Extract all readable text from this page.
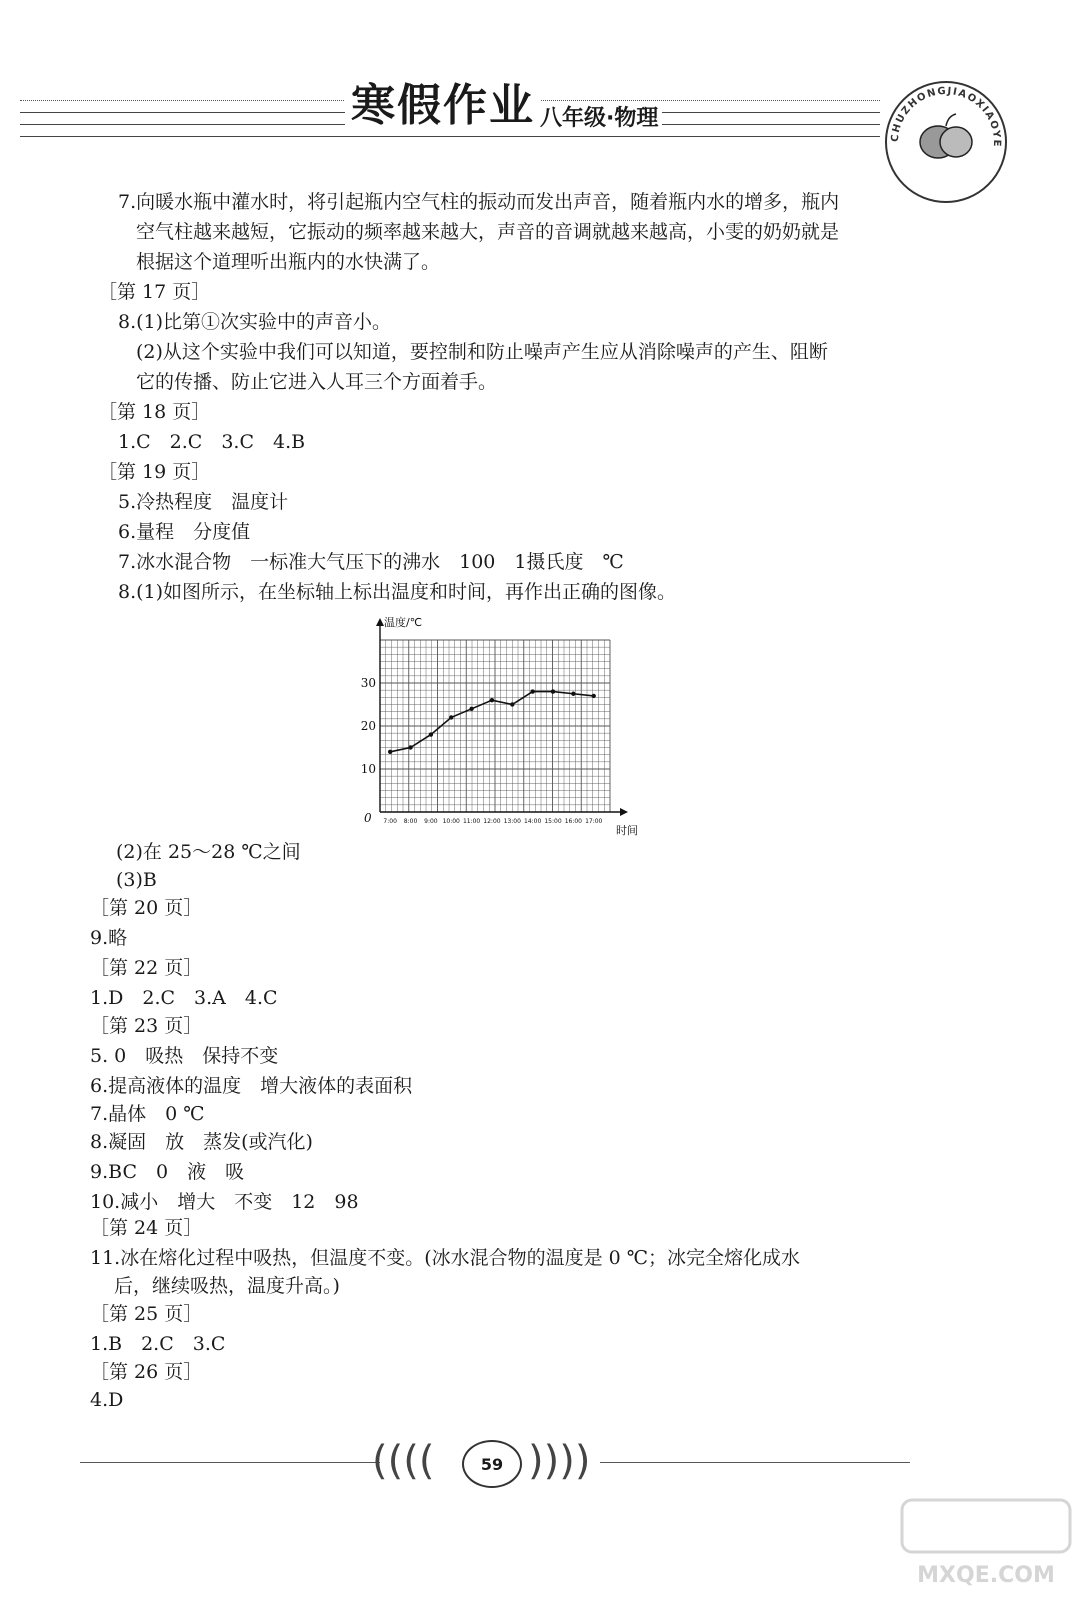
寒假作业 八年级·物理
CHUZHONGJIAOXIAOYE
7.向暖水瓶中灌水时，将引起瓶内空气柱的振动而发出声音，随着瓶内水的增多，瓶内
空气柱越来越短，它振动的频率越来越大，声音的音调就越来越高，小雯的奶奶就是
根据这个道理听出瓶内的水快满了。
［第 17 页］
8.(1)比第①次实验中的声音小。
(2)从这个实验中我们可以知道，要控制和防止噪声产生应从消除噪声的产生、阻断
它的传播、防止它进入人耳三个方面着手。
［第 18 页］
1.C　2.C　3.C　4.B
［第 19 页］
5.冷热程度　温度计
6.量程　分度值
7.冰水混合物　一标准大气压下的沸水　100　1摄氏度　℃
8.(1)如图所示，在坐标轴上标出温度和时间，再作出正确的图像。
温度/℃
时间
0
10
20
30
7:00 8:00 9:00 10:00 11:00 12:00 13:00 14:00 15:00 16:00 17:00
(2)在 25～28 ℃之间
(3)B
［第 20 页］
9.略
［第 22 页］
1.D　2.C　3.A　4.C
［第 23 页］
5. 0　吸热　保持不变
6.提高液体的温度　增大液体的表面积
7.晶体　0 ℃
8.凝固　放　蒸发(或汽化)
9.BC　0　液　吸
10.减小　增大　不变　12　98
［第 24 页］
11.冰在熔化过程中吸热，但温度不变。(冰水混合物的温度是 0 ℃；冰完全熔化成水
后，继续吸热，温度升高。)
［第 25 页］
1.B　2.C　3.C
［第 26 页］
4.D
(((( ))))
59
MXQE.COM
